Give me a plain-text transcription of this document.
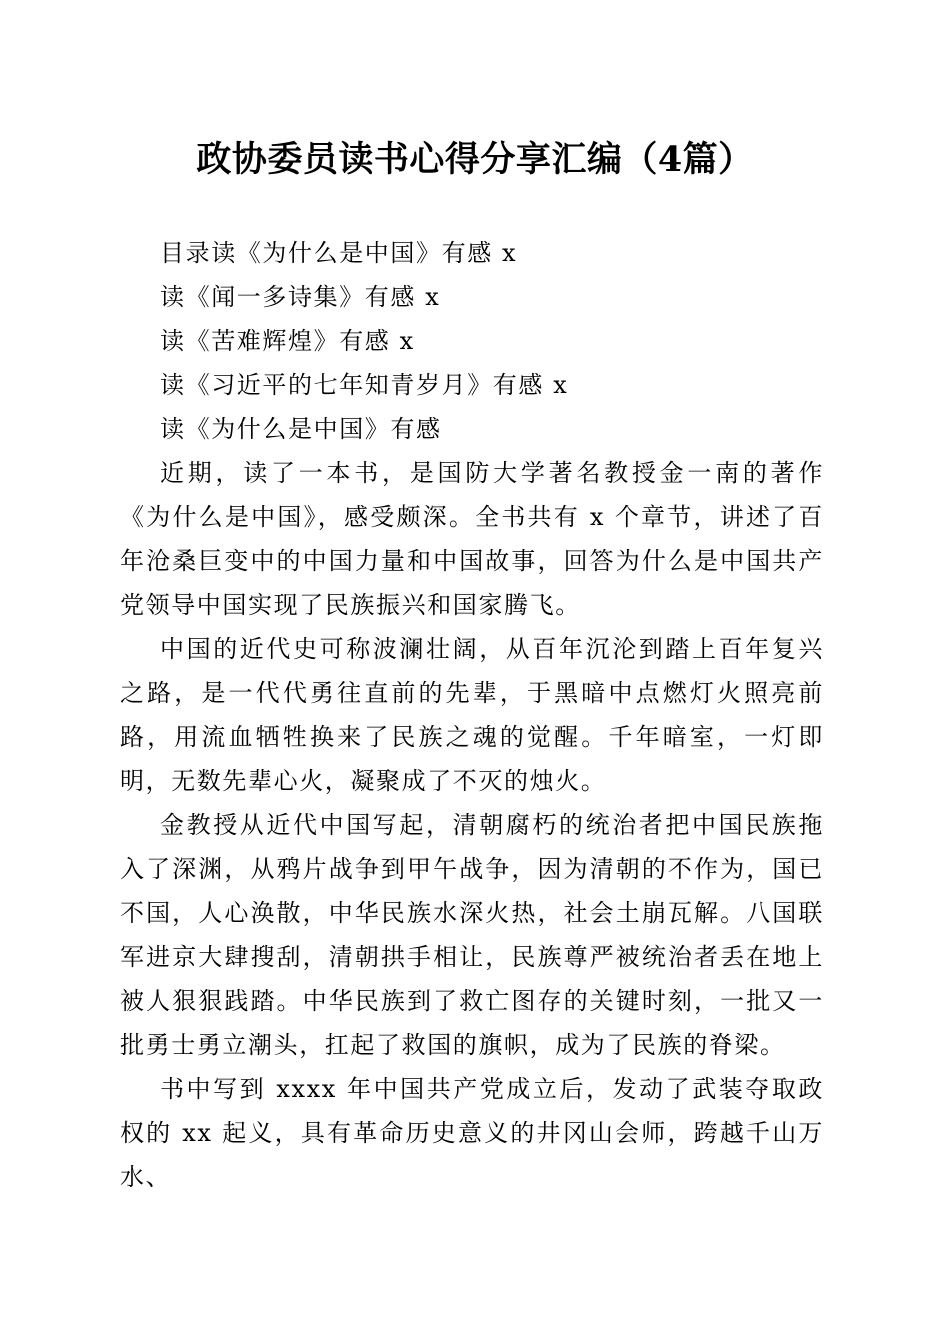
政协委员读书心得分享汇编（4篇）

目录读《为什么是中国》有感 x

读《闻一多诗集》有感 x

读《苦难辉煌》有感 x

读《习近平的七年知青岁月》有感 x

读《为什么是中国》有感

近期，读了一本书，是国防大学著名教授金一南的著作《为什么是中国》，感受颇深。全书共有 x 个章节，讲述了百年沧桑巨变中的中国力量和中国故事，回答为什么是中国共产党领导中国实现了民族振兴和国家腾飞。

中国的近代史可称波澜壮阔，从百年沉沦到踏上百年复兴之路，是一代代勇往直前的先辈，于黑暗中点燃灯火照亮前路，用流血牺牲换来了民族之魂的觉醒。千年暗室，一灯即明，无数先辈心火，凝聚成了不灭的烛火。

金教授从近代中国写起，清朝腐朽的统治者把中国民族拖入了深渊，从鸦片战争到甲午战争，因为清朝的不作为，国已不国，人心涣散，中华民族水深火热，社会土崩瓦解。八国联军进京大肆搜刮，清朝拱手相让，民族尊严被统治者丢在地上被人狠狠践踏。中华民族到了救亡图存的关键时刻，一批又一批勇士勇立潮头，扛起了救国的旗帜，成为了民族的脊梁。

书中写到 xxxx 年中国共产党成立后，发动了武装夺取政权的 xx 起义，具有革命历史意义的井冈山会师，跨越千山万水、
